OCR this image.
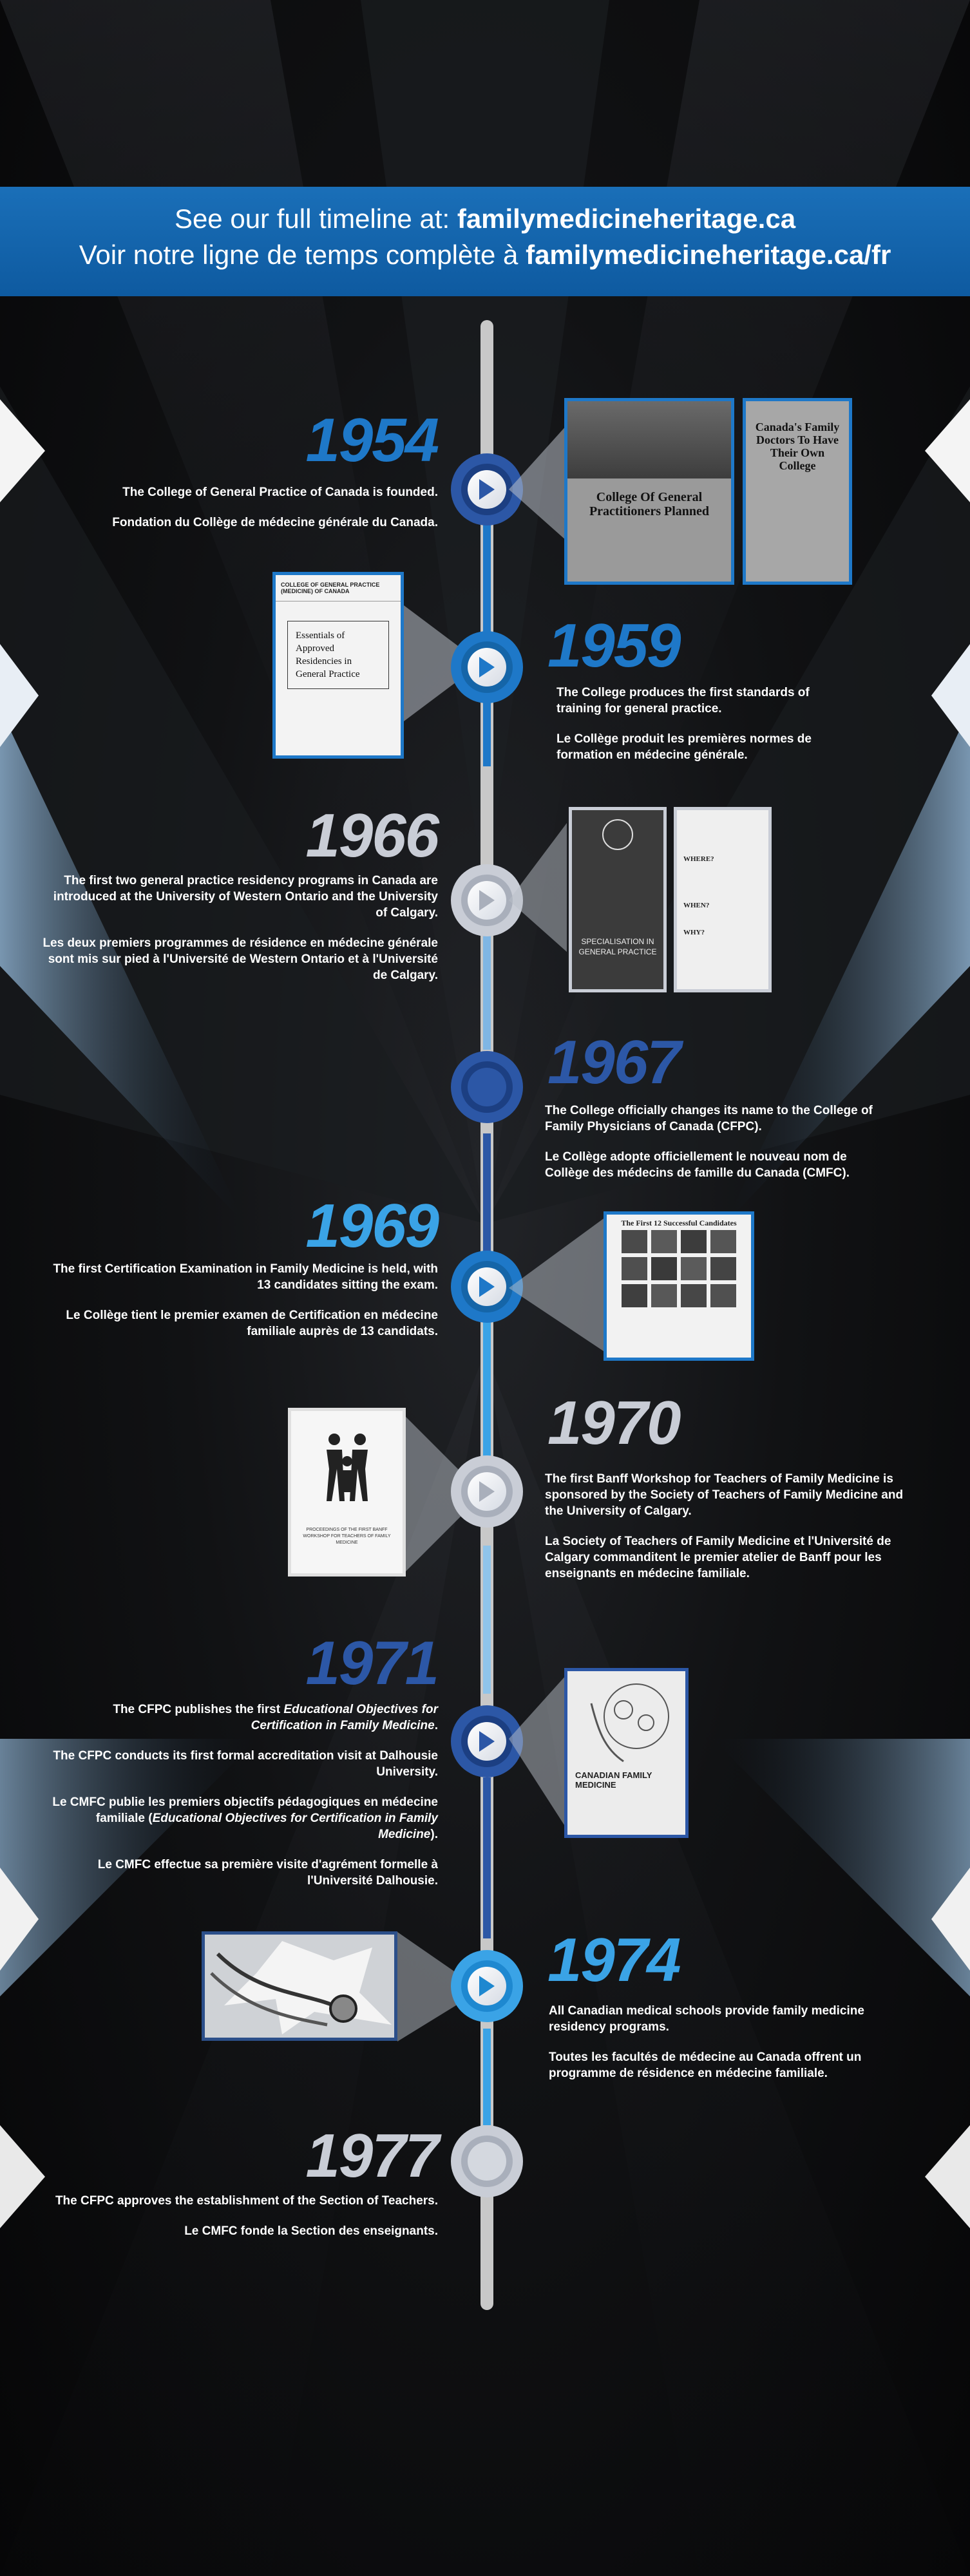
See our full timeline at: familymedicineheritage.ca
Voir notre ligne de temps complète à familymedicineheritage.ca/fr
1954

The College of General Practice of Canada is founded.

Fondation du Collège de médecine générale du Canada.

College Of General Practitioners Planned
Canada's Family Doctors To Have Their Own College
COLLEGE OF GENERAL PRACTICE (MEDICINE) OF CANADA
Essentials of Approved Residencies in General Practice	1959

The College produces the first standards of training for general practice.

Le Collège produit les premières normes de formation en médecine générale.

1966

The first two general practice residency programs in Canada are introduced at the University of Western Ontario and the University of Calgary.

Les deux premiers programmes de résidence en médecine générale sont mis sur pied à l'Université de Western Ontario et à l'Université de Calgary.

SPECIALISATION IN GENERAL PRACTICE
WHERE?
WHEN?
WHY?
1967

The College officially changes its name to the College of Family Physicians of Canada (CFPC).

Le Collège adopte officiellement le nouveau nom de Collège des médecins de famille du Canada (CMFC).

1969

The first Certification Examination in Family Medicine is held, with 13 candidates sitting the exam.

Le Collège tient le premier examen de Certification en médecine familiale auprès de 13 candidats.

The First 12 Successful Candidates
PROCEEDINGS OF THE FIRST BANFF WORKSHOP FOR TEACHERS OF FAMILY MEDICINE
1970

The first Banff Workshop for Teachers of Family Medicine is sponsored by the Society of Teachers of Family Medicine and the University of Calgary.

La Society of Teachers of Family Medicine et l'Université de Calgary commanditent le premier atelier de Banff pour les enseignants en médecine familiale.

1971

The CFPC publishes the first Educational Objectives for Certification in Family Medicine.

The CFPC conducts its first formal accreditation visit at Dalhousie University.

Le CMFC publie les premiers objectifs pédagogiques en médecine familiale (Educational Objectives for Certification in Family Medicine).

Le CMFC effectue sa première visite d'agrément formelle à l'Université Dalhousie.

CANADIAN FAMILY MEDICINE
1974

All Canadian medical schools provide family medicine residency programs.

Toutes les facultés de médecine au Canada offrent un programme de résidence en médecine familiale.

1977

The CFPC approves the establishment of the Section of Teachers.

Le CMFC fonde la Section des enseignants.
